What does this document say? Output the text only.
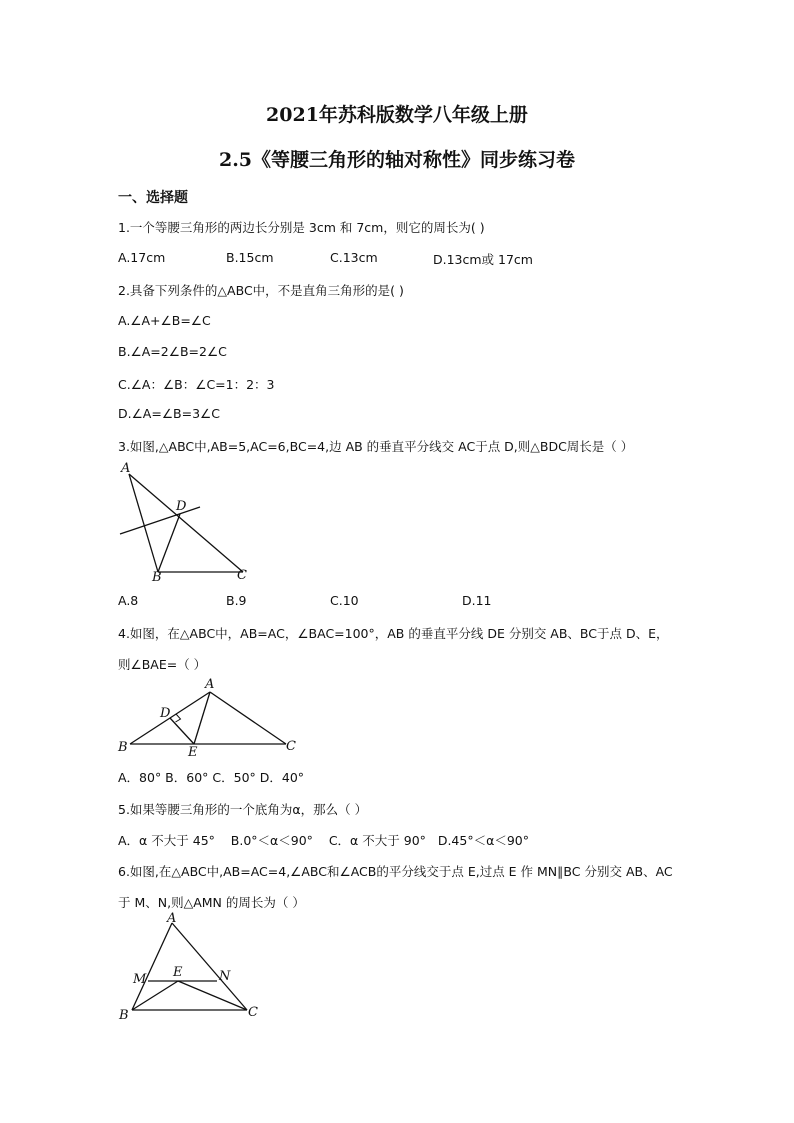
2021年苏科版数学八年级上册
2.5《等腰三角形的轴对称性》同步练习卷
一、选择题
1.一个等腰三角形的两边长分别是 3cm 和 7cm，则它的周长为( )
A.17cm	B.15cm	C.13cm	D.13cm或 17cm
2.具备下列条件的△ABC中，不是直角三角形的是( )
A.∠A+∠B=∠C
B.∠A=2∠B=2∠C
C.∠A：∠B：∠C=1：2：3
D.∠A=∠B=3∠C
3.如图,△ABC中,AB=5,AC=6,BC=4,边 AB 的垂直平分线交 AC于点 D,则△BDC周长是（ ）
A
D
B	C
A.8	B.9	C.10	D.11
4.如图，在△ABC中，AB=AC，∠BAC=100°，AB 的垂直平分线 DE 分别交 AB、BC于点 D、E，
则∠BAE=（ ）
A
D
B	E	C
A．80° B．60° C．50° D．40°
5.如果等腰三角形的一个底角为α，那么（ ）
A．α 不大于 45°    B.0°＜α＜90°    C．α 不大于 90°   D.45°＜α＜90°
6.如图,在△ABC中,AB=AC=4,∠ABC和∠ACB的平分线交于点 E,过点 E 作 MN∥BC 分别交 AB、AC
于 M、N,则△AMN 的周长为（ ）
A
M E	N
B	C
